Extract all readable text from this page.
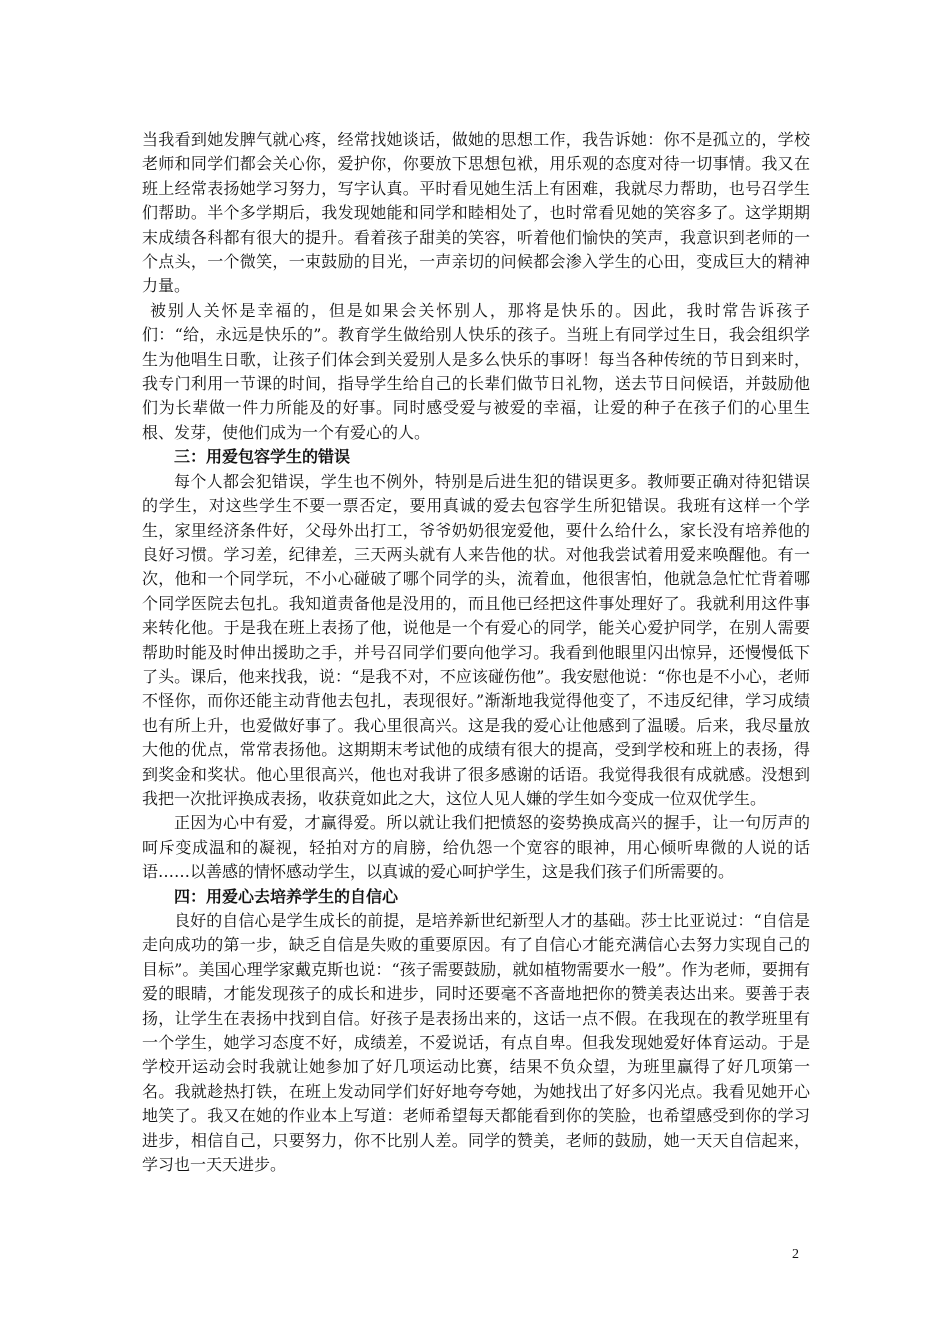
当我看到她发脾气就心疼，经常找她谈话，做她的思想工作，我告诉她：你不是孤立的，学校老师和同学们都会关心你，爱护你，你要放下思想包袱，用乐观的态度对待一切事情。我又在班上经常表扬她学习努力，写字认真。平时看见她生活上有困难，我就尽力帮助，也号召学生们帮助。半个多学期后，我发现她能和同学和睦相处了，也时常看见她的笑容多了。这学期期末成绩各科都有很大的提升。看着孩子甜美的笑容，听着他们愉快的笑声，我意识到老师的一个点头，一个微笑，一束鼓励的目光，一声亲切的问候都会渗入学生的心田，变成巨大的精神力量。

被别人关怀是幸福的，但是如果会关怀别人，那将是快乐的。因此，我时常告诉孩子们：“给，永远是快乐的”。教育学生做给别人快乐的孩子。当班上有同学过生日，我会组织学生为他唱生日歌，让孩子们体会到关爱别人是多么快乐的事呀！每当各种传统的节日到来时，我专门利用一节课的时间，指导学生给自己的长辈们做节日礼物，送去节日问候语，并鼓励他们为长辈做一件力所能及的好事。同时感受爱与被爱的幸福，让爱的种子在孩子们的心里生根、发芽，使他们成为一个有爱心的人。

三：用爱包容学生的错误

每个人都会犯错误，学生也不例外，特别是后进生犯的错误更多。教师要正确对待犯错误的学生，对这些学生不要一票否定，要用真诚的爱去包容学生所犯错误。我班有这样一个学生，家里经济条件好，父母外出打工，爷爷奶奶很宠爱他，要什么给什么，家长没有培养他的良好习惯。学习差，纪律差，三天两头就有人来告他的状。对他我尝试着用爱来唤醒他。有一次，他和一个同学玩，不小心碰破了哪个同学的头，流着血，他很害怕，他就急急忙忙背着哪个同学医院去包扎。我知道责备他是没用的，而且他已经把这件事处理好了。我就利用这件事来转化他。于是我在班上表扬了他，说他是一个有爱心的同学，能关心爱护同学，在别人需要帮助时能及时伸出援助之手，并号召同学们要向他学习。我看到他眼里闪出惊异，还慢慢低下了头。课后，他来找我，说：“是我不对，不应该碰伤他”。我安慰他说：“你也是不小心，老师不怪你，而你还能主动背他去包扎，表现很好。”渐渐地我觉得他变了，不违反纪律，学习成绩也有所上升，也爱做好事了。我心里很高兴。这是我的爱心让他感到了温暖。后来，我尽量放大他的优点，常常表扬他。这期期末考试他的成绩有很大的提高，受到学校和班上的表扬，得到奖金和奖状。他心里很高兴，他也对我讲了很多感谢的话语。我觉得我很有成就感。没想到我把一次批评换成表扬，收获竟如此之大，这位人见人嫌的学生如今变成一位双优学生。

正因为心中有爱，才赢得爱。所以就让我们把愤怒的姿势换成高兴的握手，让一句厉声的呵斥变成温和的凝视，轻拍对方的肩膀，给仇怨一个宽容的眼神，用心倾听卑微的人说的话语……以善感的情怀感动学生，以真诚的爱心呵护学生，这是我们孩子们所需要的。

四：用爱心去培养学生的自信心

良好的自信心是学生成长的前提，是培养新世纪新型人才的基础。莎士比亚说过：“自信是走向成功的第一步，缺乏自信是失败的重要原因。有了自信心才能充满信心去努力实现自己的目标”。美国心理学家戴克斯也说：“孩子需要鼓励，就如植物需要水一般”。作为老师，要拥有爱的眼睛，才能发现孩子的成长和进步，同时还要毫不吝啬地把你的赞美表达出来。要善于表扬，让学生在表扬中找到自信。好孩子是表扬出来的，这话一点不假。在我现在的教学班里有一个学生，她学习态度不好，成绩差，不爱说话，有点自卑。但我发现她爱好体育运动。于是学校开运动会时我就让她参加了好几项运动比赛，结果不负众望，为班里赢得了好几项第一名。我就趁热打铁，在班上发动同学们好好地夸夸她，为她找出了好多闪光点。我看见她开心地笑了。我又在她的作业本上写道：老师希望每天都能看到你的笑脸，也希望感受到你的学习进步，相信自己，只要努力，你不比别人差。同学的赞美，老师的鼓励，她一天天自信起来，学习也一天天进步。

2
